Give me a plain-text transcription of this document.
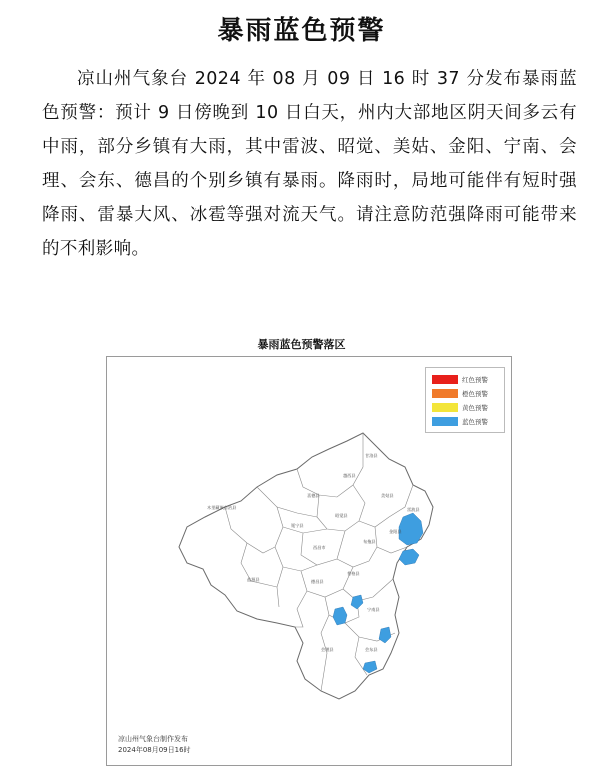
暴雨蓝色预警
凉山州气象台 2024 年 08 月 09 日 16 时 37 分发布暴雨蓝色预警：预计 9 日傍晚到 10 日白天，州内大部地区阴天间多云有中雨，部分乡镇有大雨，其中雷波、昭觉、美姑、金阳、宁南、会理、会东、德昌的个别乡镇有暴雨。降雨时，局地可能伴有短时强降雨、雷暴大风、冰雹等强对流天气。请注意防范强降雨可能带来的不利影响。
暴雨蓝色预警落区
甘洛县
越西县
美姑县
雷波县
喜德县
昭觉县
金阳县
冕宁县
木里藏族自治县
西昌市
布拖县
普格县
德昌县
盐源县
宁南县
会理县	会东县
红色预警
橙色预警
黄色预警
蓝色预警
凉山州气象台制作发布
2024年08月09日16时
